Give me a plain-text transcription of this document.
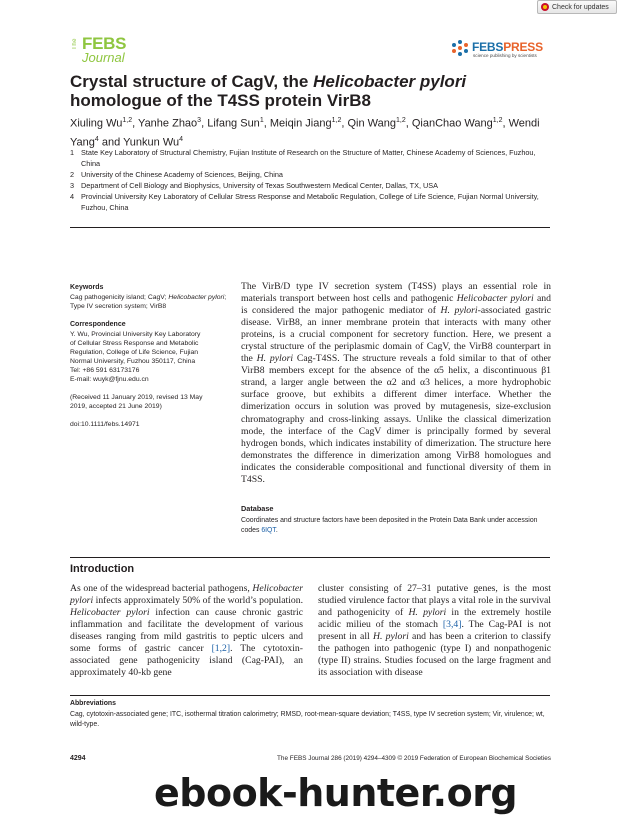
Check for updates
The FEBS
Journal
FEBSPRESS
science publishing by scientists
Crystal structure of CagV, the Helicobacter pylori
homologue of the T4SS protein VirB8
Xiuling Wu$^{1,2}$, Yanhe Zhao$^3$, Lifang Sun$^1$, Meiqin Jiang$^{1,2}$, Qin Wang$^{1,2}$, QianChao Wang$^{1,2}$, Wendi Yang$^4$ and Yunkun Wu$^4$
1 State Key Laboratory of Structural Chemistry, Fujian Institute of Research on the Structure of Matter, Chinese Academy of Sciences, Fuzhou, China
2 University of the Chinese Academy of Sciences, Beijing, China
3 Department of Cell Biology and Biophysics, University of Texas Southwestern Medical Center, Dallas, TX, USA
4 Provincial University Key Laboratory of Cellular Stress Response and Metabolic Regulation, College of Life Science, Fujian Normal University, Fuzhou, China
Keywords
Cag pathogenicity island; CagV; Helicobacter pylori; Type IV secretion system; VirB8
Correspondence
Y. Wu, Provincial University Key Laboratory
of Cellular Stress Response and Metabolic
Regulation, College of Life Science, Fujian
Normal University, Fuzhou 350117, China
Tel: +86 591 63173176
E-mail: wuyk@fjnu.edu.cn
(Received 11 January 2019, revised 13 May
2019, accepted 21 June 2019)
doi:10.1111/febs.14971
The VirB/D type IV secretion system (T4SS) plays an essential role in materials transport between host cells and pathogenic Helicobacter pylori and is considered the major pathogenic mediator of H. pylori-associated gastric disease. VirB8, an inner membrane protein that interacts with many other proteins, is a crucial component for secretory function. Here, we present a crystal structure of the periplasmic domain of CagV, the VirB8 counterpart in the H. pylori Cag-T4SS. The structure reveals a fold similar to that of other VirB8 members except for the absence of the α5 helix, a discontinuous β1 strand, a larger angle between the α2 and α3 helices, a more hydrophobic surface groove, but exhibits a different dimer interface. Whether the dimerization occurs in solution was proved by mutagenesis, size-exclusion chromatography and cross-linking assays. Unlike the classical dimerization mode, the interface of the CagV dimer is principally formed by several hydrogen bonds, which indicates instability of dimerization. The structure here demonstrates the difference in dimerization among VirB8 homologues and indicates the considerable compositional and functional diversity of them in T4SS.
Database
Coordinates and structure factors have been deposited in the Protein Data Bank under accession codes 6IQT.
Introduction
As one of the widespread bacterial pathogens, Helicobacter pylori infects approximately 50% of the world’s population. Helicobacter pylori infection can cause chronic gastric inflammation and facilitate the development of various diseases ranging from mild gastritis to peptic ulcers and some forms of gastric cancer [1,2]. The cytotoxin-associated gene pathogenicity island (Cag-PAI), an approximately 40-kb gene
cluster consisting of 27–31 putative genes, is the most studied virulence factor that plays a vital role in the survival and pathogenicity of H. pylori in the extremely hostile acidic milieu of the stomach [3,4]. The Cag-PAI is not present in all H. pylori and has been a criterion to classify the pathogen into pathogenic (type I) and nonpathogenic (type II) strains. Studies focused on the large fragment and its association with disease
Abbreviations
Cag, cytotoxin-associated gene; ITC, isothermal titration calorimetry; RMSD, root-mean-square deviation; T4SS, type IV secretion system; Vir, virulence; wt, wild-type.
4294	The FEBS Journal 286 (2019) 4294–4309 © 2019 Federation of European Biochemical Societies
ebook-hunter.org
